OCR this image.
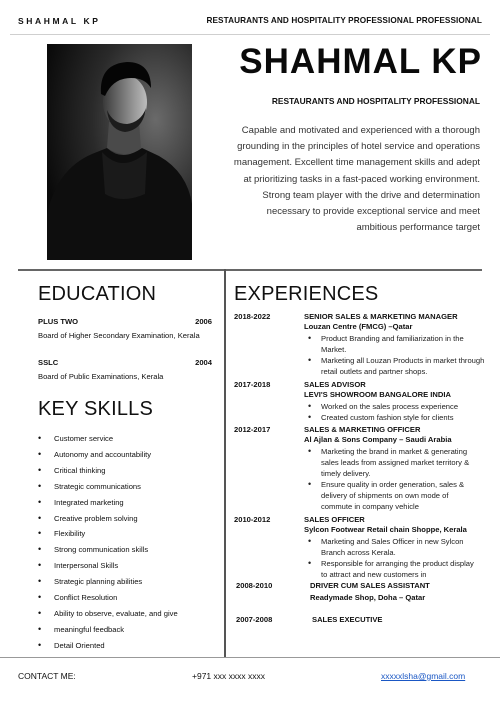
SHAHMAL KP	RESTAURANTS AND HOSPITALITY PROFESSIONAL PROFESSIONAL
SHAHMAL KP
RESTAURANTS AND HOSPITALITY PROFESSIONAL
Capable and motivated and experienced with a thorough
grounding in the principles of hotel service and operations
management. Excellent time management skills and adept
at prioritizing tasks in a fast-paced working environment.
Strong team player with the drive and determination
necessary to provide exceptional service and meet
ambitious performance target
EDUCATION
PLUS TWO	2006
Board of Higher Secondary Examination, Kerala
SSLC	2004
Board of Public Examinations, Kerala
KEY SKILLS
• Customer service
• Autonomy and accountability
• Critical thinking
• Strategic communications
• Integrated marketing
• Creative problem solving
• Flexibility
• Strong communication skills
• Interpersonal Skills
• Strategic planning abilities
• Conflict Resolution
• Ability to observe, evaluate, and give
• meaningful feedback
• Detail Oriented
EXPERIENCES
2018-2022	SENIOR SALES & MARKETING MANAGER
Louzan Centre (FMCG) –Qatar
• Product Branding and familiarization in the
Market.
• Marketing all Louzan Products in market through
retail outlets and partner shops.
2017-2018	SALES ADVISOR
LEVI'S SHOWROOM BANGALORE INDIA
• Worked on the sales process experience
• Created custom fashion style for clients
2012-2017	SALES & MARKETING OFFICER
Al Ajlan & Sons Company – Saudi Arabia
• Marketing the brand in market & generating
sales leads from assigned market territory &
timely delivery.
• Ensure quality in order generation, sales &
delivery of shipments on own mode of
commute in company vehicle
2010-2012	SALES OFFICER
Sylcon Footwear Retail chain Shoppe, Kerala
• Marketing and Sales Officer in new Sylcon
Branch across Kerala.
• Responsible for arranging the product display
to attract and new customers in
2008-2010	DRIVER CUM SALES ASSISTANT
Readymade Shop, Doha – Qatar
2007-2008	SALES EXECUTIVE
CONTACT ME:	+971 xxx xxxx xxxx	xxxxxlsha@gmail.com
